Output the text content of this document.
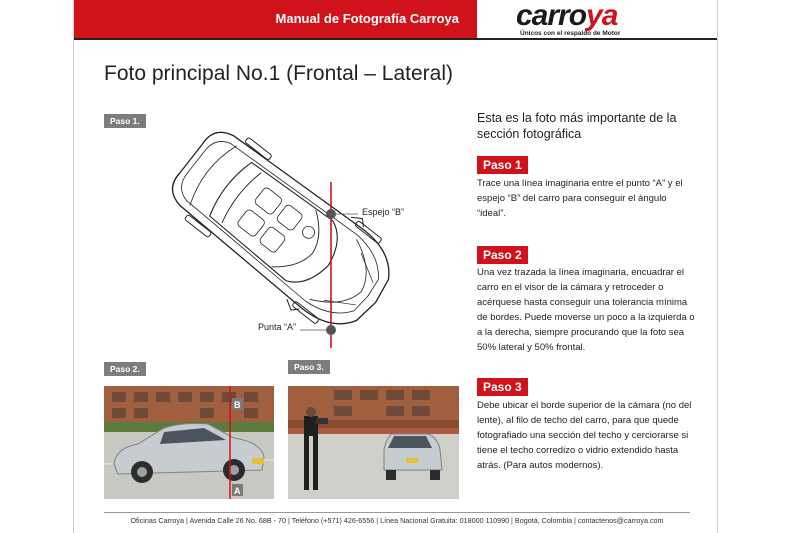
Manual de Fotografía Carroya carroya
Únicos con el respaldo de Motor
Foto principal No.1 (Frontal – Lateral)
Paso 1.
Paso 2.	Paso 3.
Espejo “B”
Punta “A”
B
A

Esta es la foto más importante de la sección fotográfica

Paso 1

Trace una línea imaginaria entre el punto “A” y el espejo “B” del carro para conseguir el ángulo “ideal”.

Paso 2

Una vez trazada la línea imaginaria, encuadrar el carro en el visor de la cámara y retroceder o acérquese hasta conseguir una tolerancia mínima de bordes. Puede moverse un poco a la izquierda o a la derecha, siempre procurando que la foto sea 50% lateral y 50% frontal.

Paso 3

Debe ubicar el borde superior de la cámara (no del lente), al filo de techo del carro, para que quede fotografiado una sección del techo y cerciorarse si tiene el techo corredizo o vidrio extendido hasta atrás. (Para autos modernos).

Oficinas Carroya | Avenida Calle 26 No. 68B - 70 | Teléfono (+571) 426-6556 | Línea Nacional Gratuita: 018000 110990 | Bogotá, Colombia | contactenos@carroya.com
